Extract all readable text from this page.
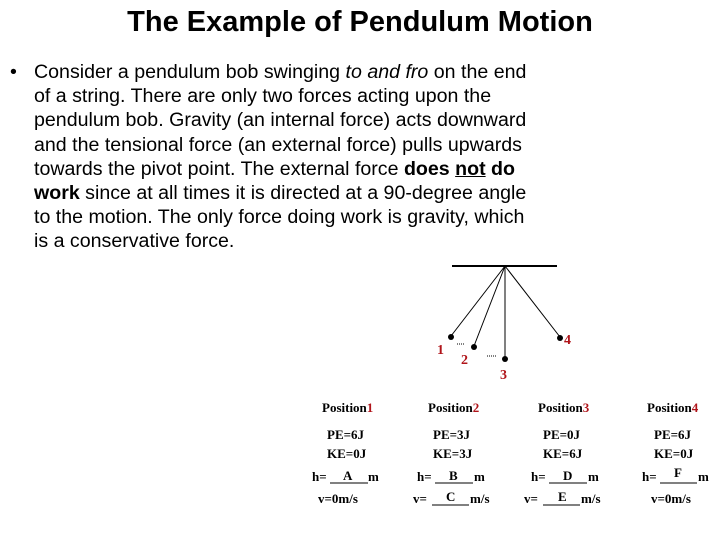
The Example of Pendulum Motion
• Consider a pendulum bob swinging to and fro on the end
of a string. There are only two forces acting upon the
pendulum bob. Gravity (an internal force) acts downward
and the tensional force (an external force) pulls upwards
towards the pivot point. The external force does not do
work since at all times it is directed at a 90-degree angle
to the motion. The only force doing work is gravity, which
is a conservative force.
1
2
3
4
Position1
PE=6J
KE=0J
h= A m
v=0m/s
Position2
PE=3J
KE=3J
h= B m
v= C m/s
Position3
PE=0J
KE=6J
h= D m
v= E m/s
Position4
PE=6J
KE=0J
h= F m
v=0m/s
